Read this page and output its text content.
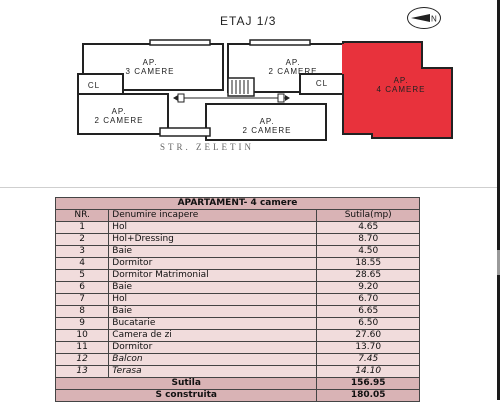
ETAJ 1/3	N
AP.
3 CAMERE
AP.
2 CAMERE
AP.
4 CAMERE
AP.
2 CAMERE	AP.
2 CAMERE
CL	CL
STR. ZELETIN
APARTAMENT- 4 camere		
NR.	Denumire incapere	Sutila(mp)
1	Hol	4.65
2	Hol+Dressing	8.70
3	Baie	4.50
4	Dormitor	18.55
5	Dormitor Matrimonial	28.65
6	Baie	9.20
7	Hol	6.70
8	Baie	6.65
9	Bucatarie	6.50
10	Camera de zi	27.60
11	Dormitor	13.70
12	Balcon	7.45
13	Terasa	14.10
Sutila		156.95
S construita		180.05
